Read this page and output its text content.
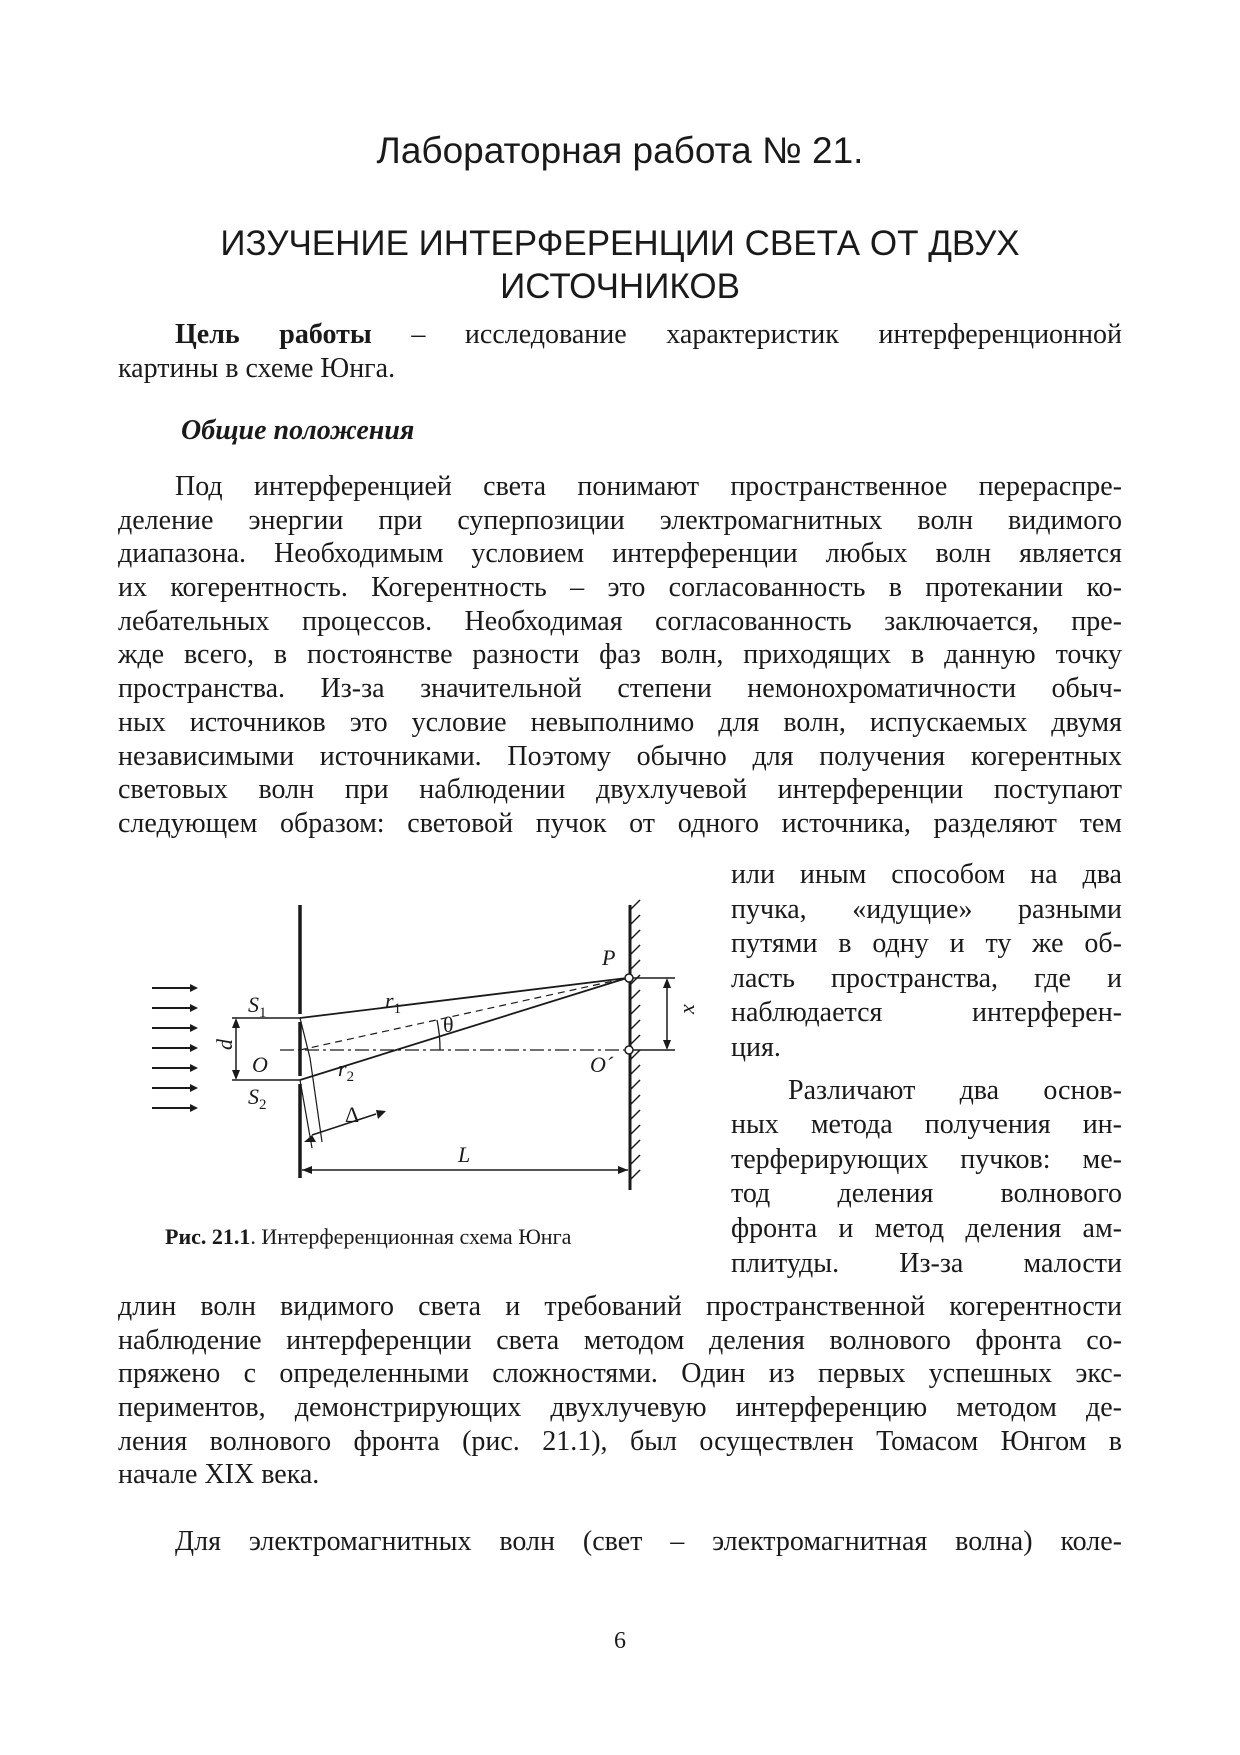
Лабораторная работа № 21.
ИЗУЧЕНИЕ ИНТЕРФЕРЕНЦИИ СВЕТА ОТ ДВУХ
ИСТОЧНИКОВ
Цель работы – исследование характеристик интерференционной
картины в схеме Юнга.
Общие положения
Под интерференцией света понимают пространственное перераспре-
деление энергии при суперпозиции электромагнитных волн видимого
диапазона. Необходимым условием интерференции любых волн является
их когерентность. Когерентность – это согласованность в протекании ко-
лебательных процессов. Необходимая согласованность заключается, пре-
жде всего, в постоянстве разности фаз волн, приходящих в данную точку
пространства. Из-за значительной степени немонохроматичности обыч-
ных источников это условие невыполнимо для волн, испускаемых двумя
независимыми источниками. Поэтому обычно для получения когерентных
световых волн при наблюдении двухлучевой интерференции поступают
следующем образом: световой пучок от одного источника, разделяют тем
или иным способом на два
пучка, «идущие» разными
путями в одну и ту же об-
ласть пространства, где и
наблюдается интерферен-
ция.
Различают два основ-
ных метода получения ин-
терферирующих пучков: ме-
тод деления волнового
фронта и метод деления ам-
плитуды. Из-за малости
P
$r_1$
$S_1$	θ
d
x
O	O´
$r_2$
$S_2$	Δ
L
Рис. 21.1. Интерференционная схема Юнга
длин волн видимого света и требований пространственной когерентности
наблюдение интерференции света методом деления волнового фронта со-
пряжено с определенными сложностями. Один из первых успешных экс-
периментов, демонстрирующих двухлучевую интерференцию методом де-
ления волнового фронта (рис. 21.1), был осуществлен Томасом Юнгом в
начале XIX века.
Для электромагнитных волн (свет – электромагнитная волна) коле-
6
